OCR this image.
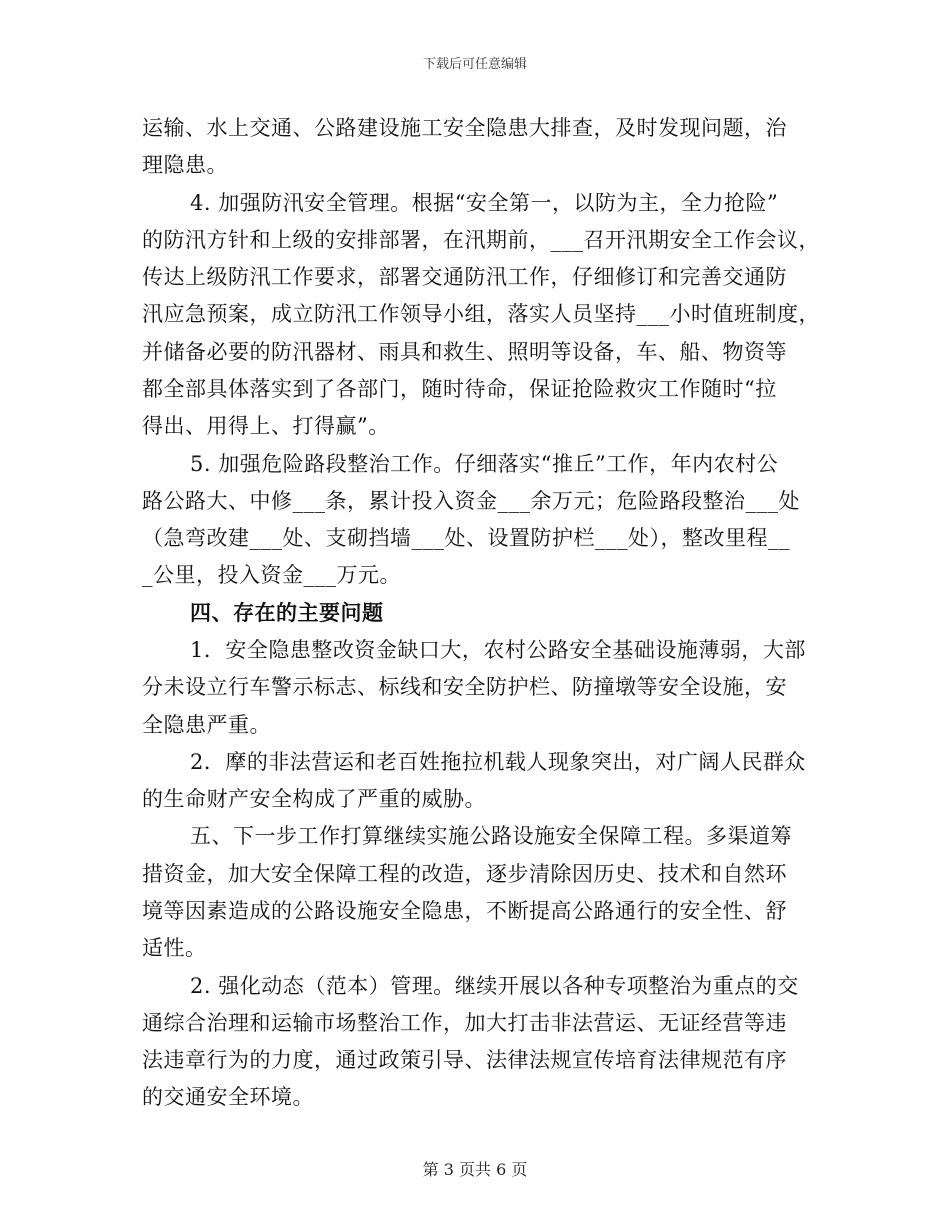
下载后可任意编辑
运输、水上交通、公路建设施工安全隐患大排查，及时发现问题，治
理隐患。
4. 加强防汛安全管理。根据“安全第一，以防为主，全力抢险”
的防汛方针和上级的安排部署，在汛期前，___召开汛期安全工作会议，
传达上级防汛工作要求，部署交通防汛工作，仔细修订和完善交通防
汛应急预案，成立防汛工作领导小组，落实人员坚持___小时值班制度，
并储备必要的防汛器材、雨具和救生、照明等设备，车、船、物资等
都全部具体落实到了各部门，随时待命，保证抢险救灾工作随时“拉
得出、用得上、打得赢”。
5. 加强危险路段整治工作。仔细落实“推丘”工作，年内农村公
路公路大、中修___条，累计投入资金___余万元；危险路段整治___处
（急弯改建___处、支砌挡墙___处、设置防护栏___处），整改里程__
_公里，投入资金___万元。
四、存在的主要问题
1．安全隐患整改资金缺口大，农村公路安全基础设施薄弱，大部
分未设立行车警示标志、标线和安全防护栏、防撞墩等安全设施，安
全隐患严重。
2．摩的非法营运和老百姓拖拉机载人现象突出，对广阔人民群众
的生命财产安全构成了严重的威胁。
五、下一步工作打算继续实施公路设施安全保障工程。多渠道筹
措资金，加大安全保障工程的改造，逐步清除因历史、技术和自然环
境等因素造成的公路设施安全隐患，不断提高公路通行的安全性、舒
适性。
2. 强化动态（范本）管理。继续开展以各种专项整治为重点的交
通综合治理和运输市场整治工作，加大打击非法营运、无证经营等违
法违章行为的力度，通过政策引导、法律法规宣传培育法律规范有序
的交通安全环境。
第 3 页共 6 页
